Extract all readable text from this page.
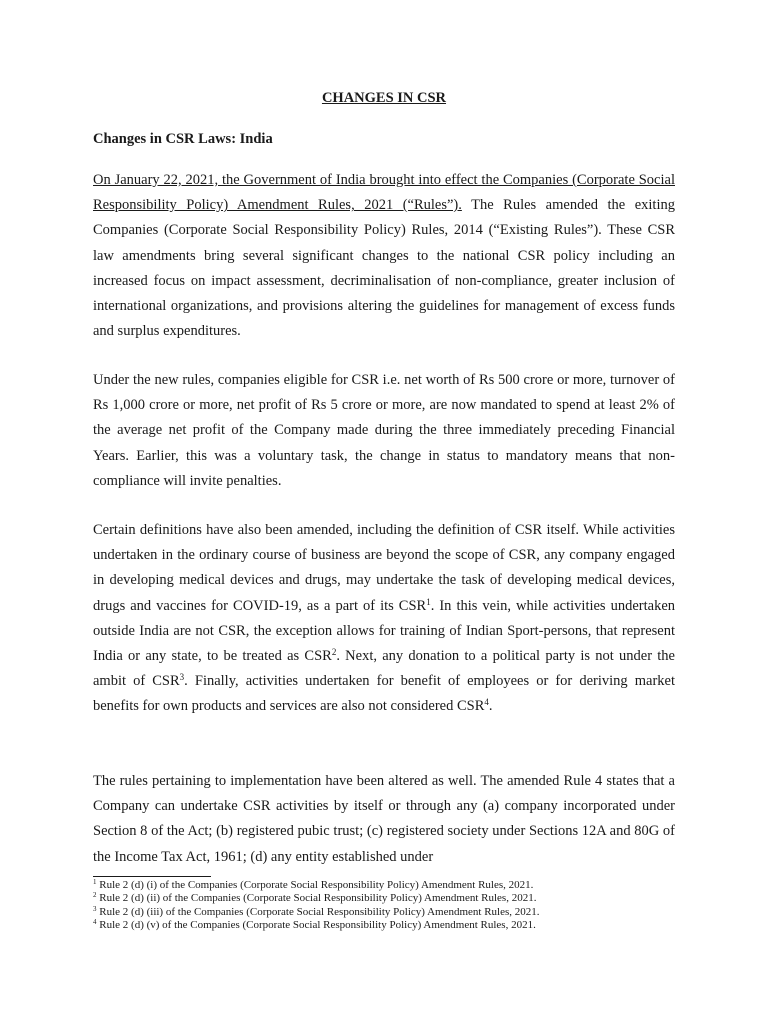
CHANGES IN CSR
Changes in CSR Laws: India

On January 22, 2021, the Government of India brought into effect the Companies (Corporate Social Responsibility Policy) Amendment Rules, 2021 (“Rules”). The Rules amended the exiting Companies (Corporate Social Responsibility Policy) Rules, 2014 (“Existing Rules”). These CSR law amendments bring several significant changes to the national CSR policy including an increased focus on impact assessment, decriminalisation of non-compliance, greater inclusion of international organizations, and provisions altering the guidelines for management of excess funds and surplus expenditures.

Under the new rules, companies eligible for CSR i.e. net worth of Rs 500 crore or more, turnover of Rs 1,000 crore or more, net profit of Rs 5 crore or more, are now mandated to spend at least 2% of the average net profit of the Company made during the three immediately preceding Financial Years. Earlier, this was a voluntary task, the change in status to mandatory means that non-compliance will invite penalties.

Certain definitions have also been amended, including the definition of CSR itself. While activities undertaken in the ordinary course of business are beyond the scope of CSR, any company engaged in developing medical devices and drugs, may undertake the task of developing medical devices, drugs and vaccines for COVID-19, as a part of its CSR$^1$. In this vein, while activities undertaken outside India are not CSR, the exception allows for training of Indian Sport-persons, that represent India or any state, to be treated as CSR$^2$. Next, any donation to a political party is not under the ambit of CSR$^3$. Finally, activities undertaken for benefit of employees or for deriving market benefits for own products and services are also not considered CSR$^4$.

The rules pertaining to implementation have been altered as well. The amended Rule 4 states that a Company can undertake CSR activities by itself or through any (a) company incorporated under Section 8 of the Act; (b) registered pubic trust; (c) registered society under Sections 12A and 80G of the Income Tax Act, 1961; (d) any entity established under

$^1$ Rule 2 (d) (i) of the Companies (Corporate Social Responsibility Policy) Amendment Rules, 2021.
$^2$ Rule 2 (d) (ii) of the Companies (Corporate Social Responsibility Policy) Amendment Rules, 2021.
$^3$ Rule 2 (d) (iii) of the Companies (Corporate Social Responsibility Policy) Amendment Rules, 2021.
$^4$ Rule 2 (d) (v) of the Companies (Corporate Social Responsibility Policy) Amendment Rules, 2021.
